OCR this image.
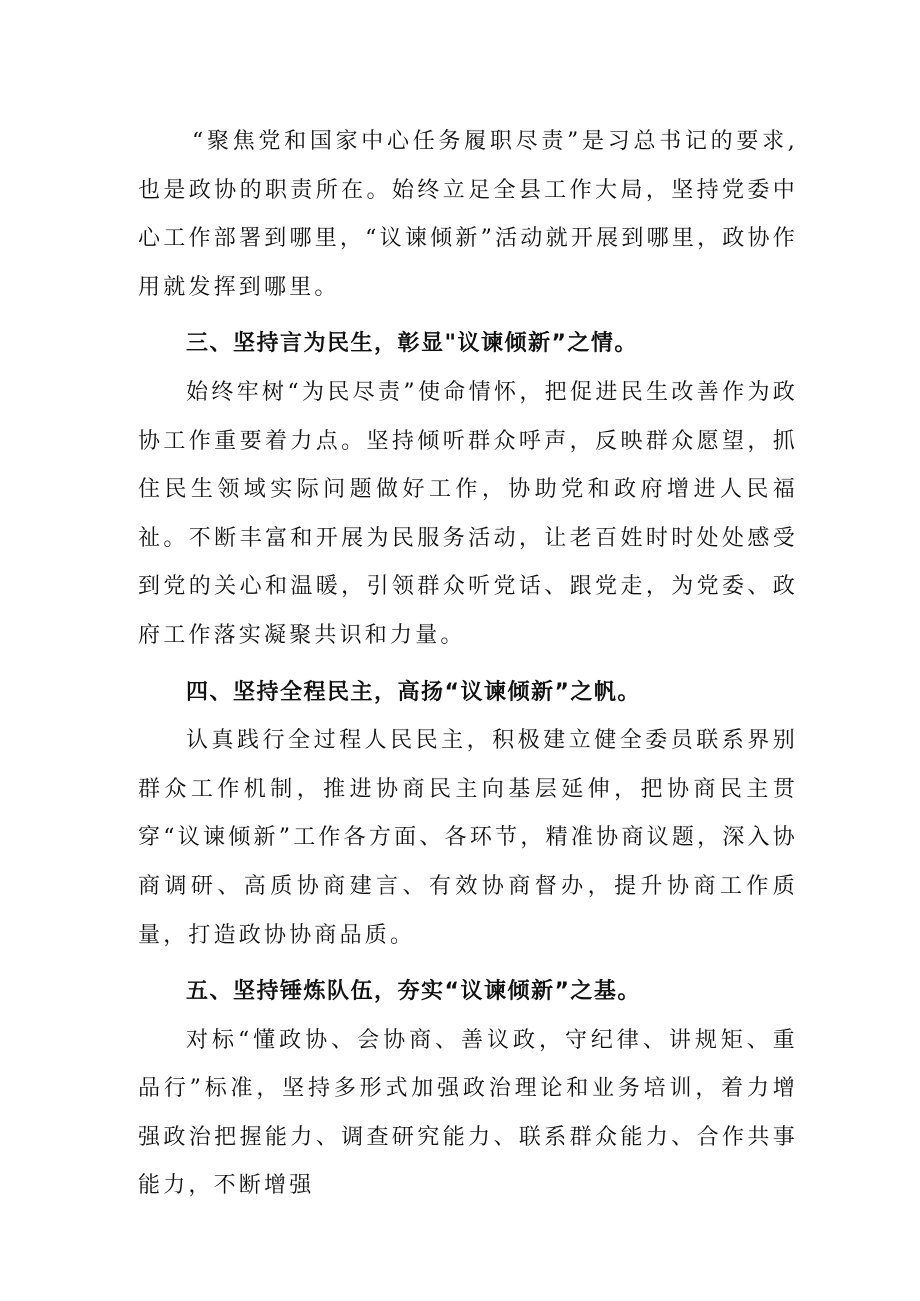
“聚焦党和国家中心任务履职尽责”是习总书记的要求,也是政协的职责所在。始终立足全县工作大局，坚持党委中心工作部署到哪里，“议谏倾新”活动就开展到哪里，政协作用就发挥到哪里。

三、坚持言为民生，彰显"议谏倾新”之情。

始终牢树“为民尽责”使命情怀，把促进民生改善作为政协工作重要着力点。坚持倾听群众呼声，反映群众愿望，抓住民生领域实际问题做好工作，协助党和政府增进人民福祉。不断丰富和开展为民服务活动，让老百姓时时处处感受到党的关心和温暖，引领群众听党话、跟党走，为党委、政府工作落实凝聚共识和力量。

四、坚持全程民主，高扬“议谏倾新”之帆。

认真践行全过程人民民主，积极建立健全委员联系界别群众工作机制，推进协商民主向基层延伸，把协商民主贯穿“议谏倾新”工作各方面、各环节，精准协商议题，深入协商调研、高质协商建言、有效协商督办，提升协商工作质量，打造政协协商品质。

五、坚持锤炼队伍，夯实“议谏倾新”之基。

对标“懂政协、会协商、善议政，守纪律、讲规矩、重品行”标准，坚持多形式加强政治理论和业务培训，着力增强政治把握能力、调查研究能力、联系群众能力、合作共事能力，不断增强
